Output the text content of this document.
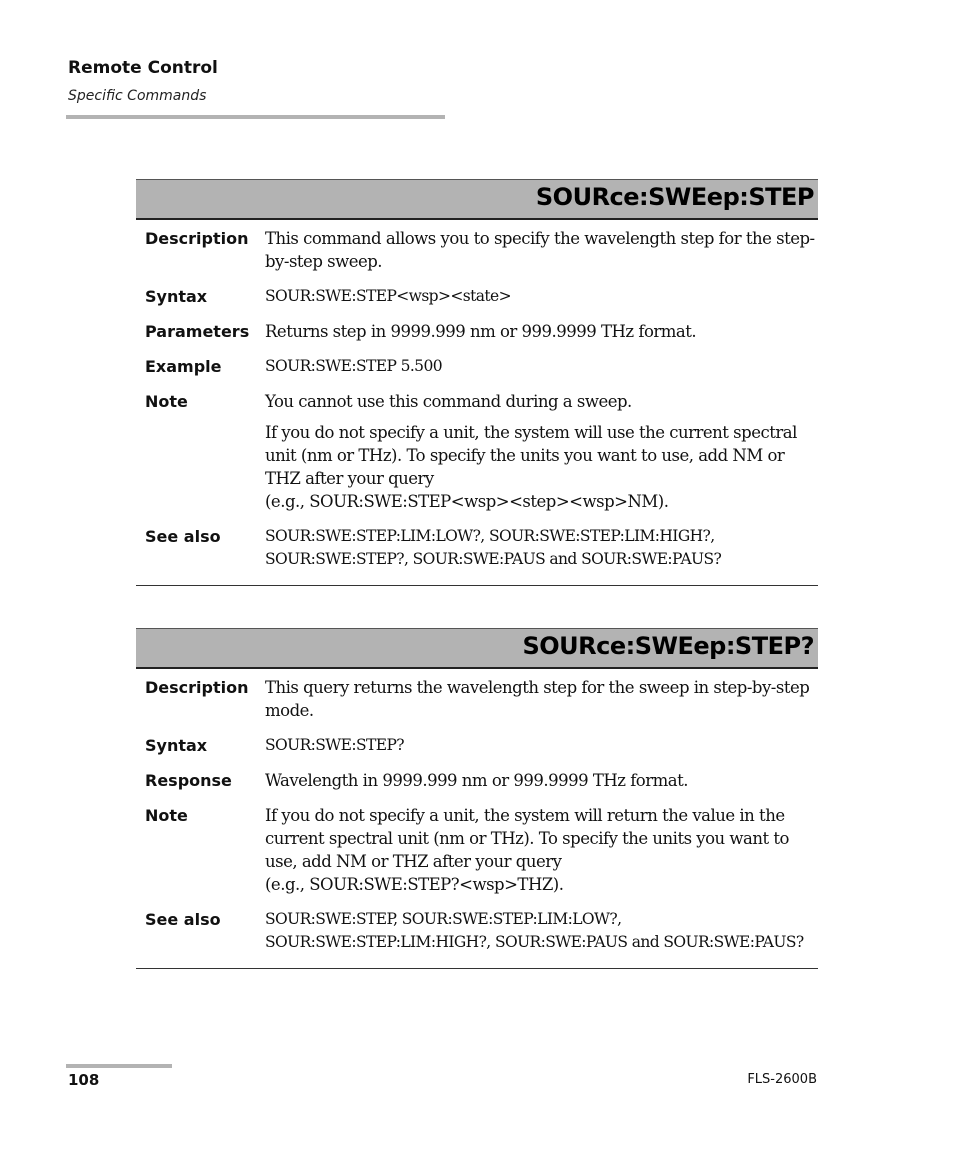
Remote Control
Specific Commands
SOURce:SWEep:STEP
Description	This command allows you to specify the wavelength step for the step-by-step sweep.

Syntax	SOUR:SWE:STEP<wsp><state>

Parameters Returns step in 9999.999 nm or 999.9999 THz format.

Example	SOUR:SWE:STEP 5.500

Note	You cannot use this command during a sweep.

If you do not specify a unit, the system will use the current spectral unit (nm or THz). To specify the units you want to use, add NM or THZ after your query
(e.g., SOUR:SWE:STEP<wsp><step><wsp>NM).

See also	SOUR:SWE:STEP:LIM:LOW?, SOUR:SWE:STEP:LIM:HIGH?, SOUR:SWE:STEP?, SOUR:SWE:PAUS and SOUR:SWE:PAUS?

SOURce:SWEep:STEP?
Description	This query returns the wavelength step for the sweep in step-by-step mode.

Syntax	SOUR:SWE:STEP?

Response	Wavelength in 9999.999 nm or 999.9999 THz format.

Note	If you do not specify a unit, the system will return the value in the current spectral unit (nm or THz). To specify the units you want to use, add NM or THZ after your query
(e.g., SOUR:SWE:STEP?<wsp>THZ).

See also	SOUR:SWE:STEP, SOUR:SWE:STEP:LIM:LOW?, SOUR:SWE:STEP:LIM:HIGH?, SOUR:SWE:PAUS and SOUR:SWE:PAUS?

108	FLS-2600B
